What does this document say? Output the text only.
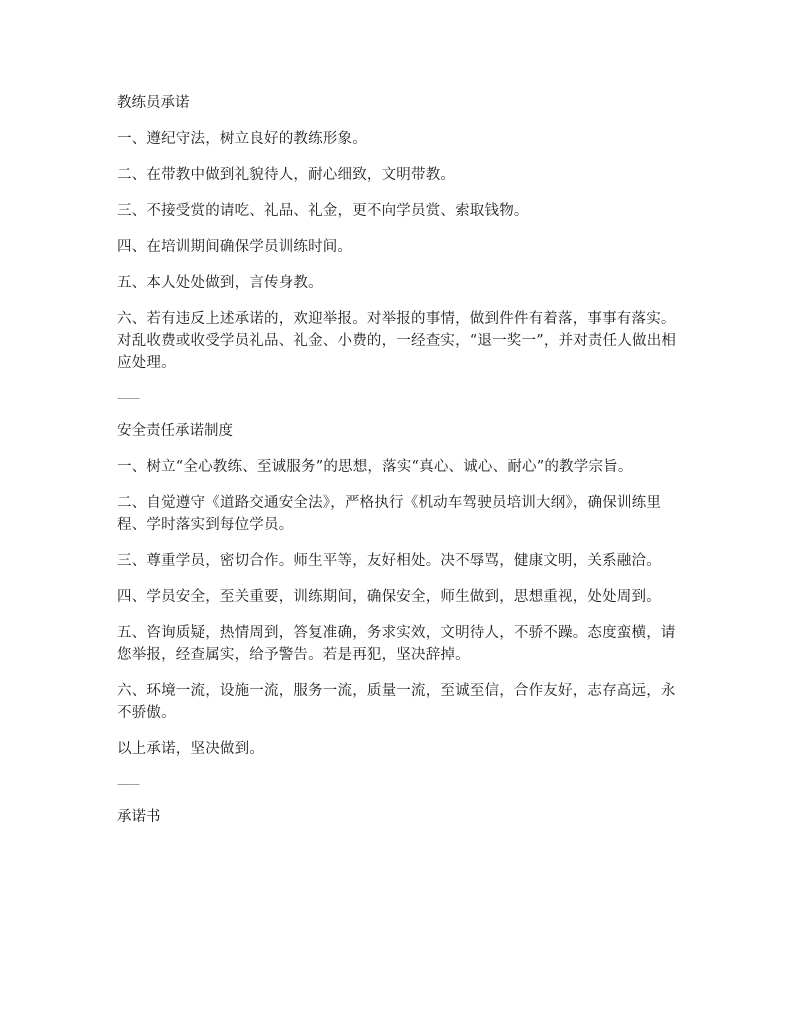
教练员承诺
一、遵纪守法，树立良好的教练形象。
二、在带教中做到礼貌待人，耐心细致，文明带教。
三、不接受赏的请吃、礼品、礼金，更不向学员赏、索取钱物。
四、在培训期间确保学员训练时间。
五、本人处处做到，言传身教。
六、若有违反上述承诺的，欢迎举报。对举报的事情，做到件件有着落，事事有落实。对乱收费或收受学员礼品、礼金、小费的，一经查实，“退一奖一”，并对责任人做出相应处理。
——
安全责任承诺制度
一、树立“全心教练、至诚服务”的思想，落实“真心、诚心、耐心”的教学宗旨。
二、自觉遵守《道路交通安全法》，严格执行《机动车驾驶员培训大纲》，确保训练里程、学时落实到每位学员。
三、尊重学员，密切合作。师生平等，友好相处。决不辱骂，健康文明，关系融洽。
四、学员安全，至关重要，训练期间，确保安全，师生做到，思想重视，处处周到。
五、咨询质疑，热情周到，答复准确，务求实效，文明待人，不骄不躁。态度蛮横，请您举报，经查属实，给予警告。若是再犯，坚决辞掉。
六、环境一流，设施一流，服务一流，质量一流，至诚至信，合作友好，志存高远，永不骄傲。
以上承诺，坚决做到。
——
承诺书
